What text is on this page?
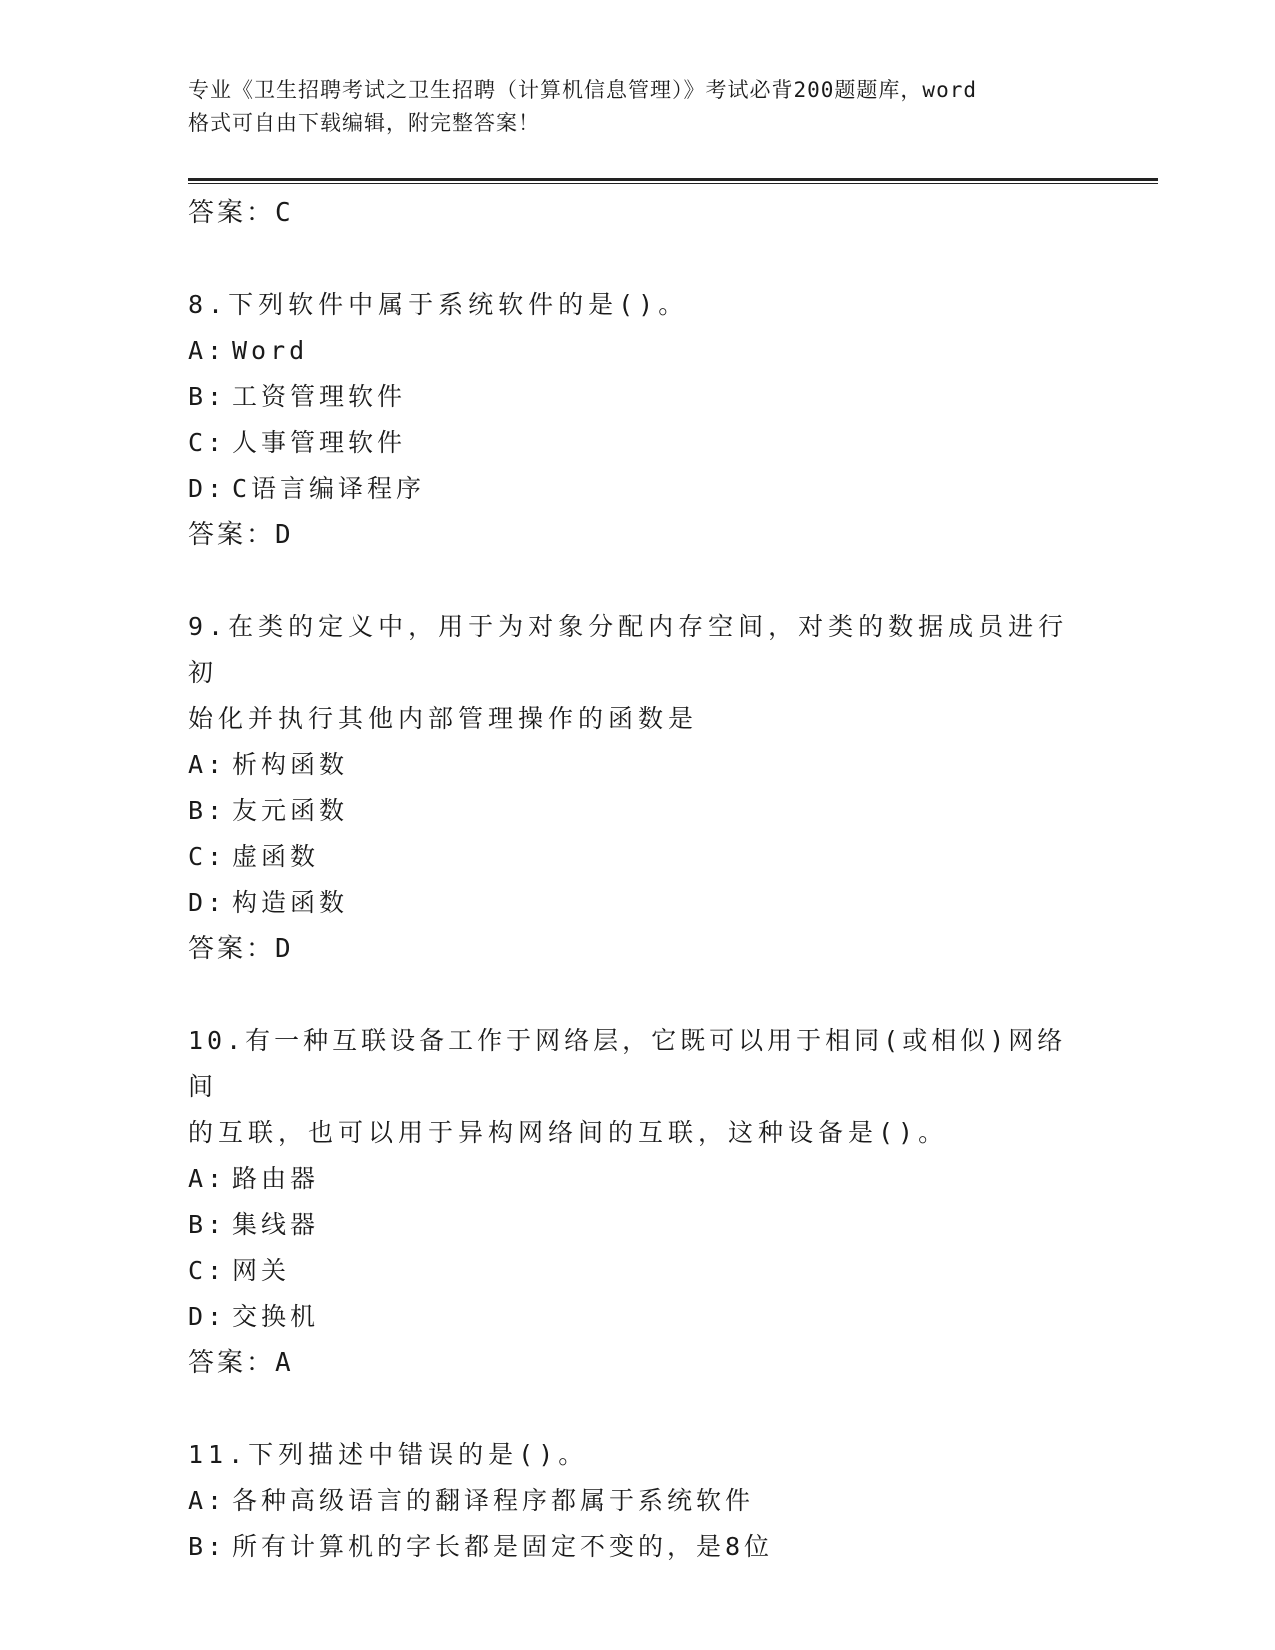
专业《卫生招聘考试之卫生招聘（计算机信息管理）》考试必背200题题库，word
格式可自由下载编辑，附完整答案！
答案：C
8.下列软件中属于系统软件的是()。
A: Word
B: 工资管理软件
C: 人事管理软件
D: C语言编译程序
答案：D
9.在类的定义中，用于为对象分配内存空间，对类的数据成员进行初
始化并执行其他内部管理操作的函数是
A: 析构函数
B: 友元函数
C: 虚函数
D: 构造函数
答案：D
10.有一种互联设备工作于网络层，它既可以用于相同(或相似)网络间
的互联，也可以用于异构网络间的互联，这种设备是()。
A: 路由器
B: 集线器
C: 网关
D: 交换机
答案：A
11.下列描述中错误的是()。
A: 各种高级语言的翻译程序都属于系统软件
B: 所有计算机的字长都是固定不变的，是8位
